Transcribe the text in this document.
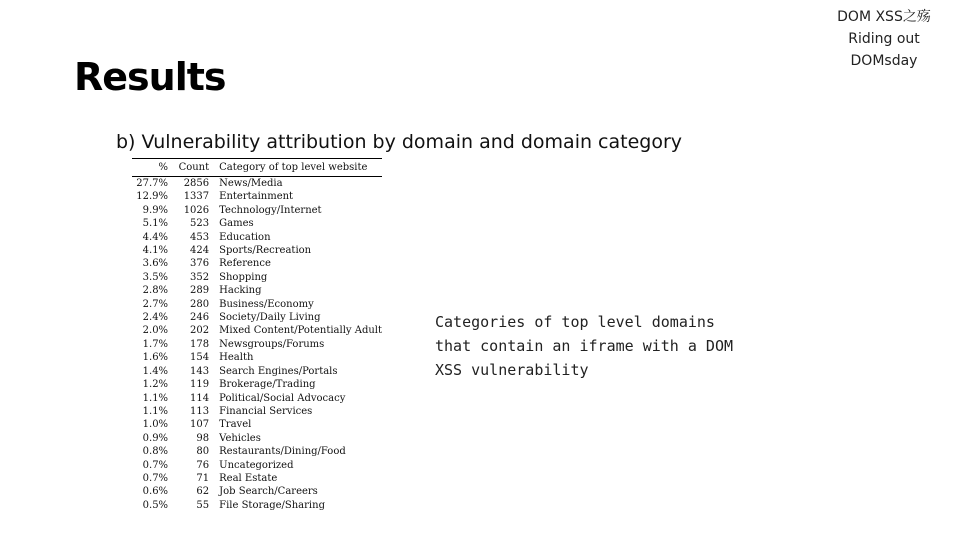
DOM XSS之殇
Riding out
DOMsday
Results
b) Vulnerability attribution by domain and domain category
%	Count	Category of top level website
27.7%	2856	News/Media
12.9%	1337	Entertainment
9.9%	1026	Technology/Internet
5.1%	523	Games
4.4%	453	Education
4.1%	424	Sports/Recreation
3.6%	376	Reference
3.5%	352	Shopping
2.8%	289	Hacking
2.7%	280	Business/Economy
2.4%	246	Society/Daily Living
2.0%	202	Mixed Content/Potentially Adult
1.7%	178	Newsgroups/Forums
1.6%	154	Health
1.4%	143	Search Engines/Portals
1.2%	119	Brokerage/Trading
1.1%	114	Political/Social Advocacy
1.1%	113	Financial Services
1.0%	107	Travel
0.9%	98	Vehicles
0.8%	80	Restaurants/Dining/Food
0.7%	76	Uncategorized
0.7%	71	Real Estate
0.6%	62	Job Search/Careers
0.5%	55	File Storage/Sharing
Categories of top level domains
that contain an iframe with a DOM
XSS vulnerability
